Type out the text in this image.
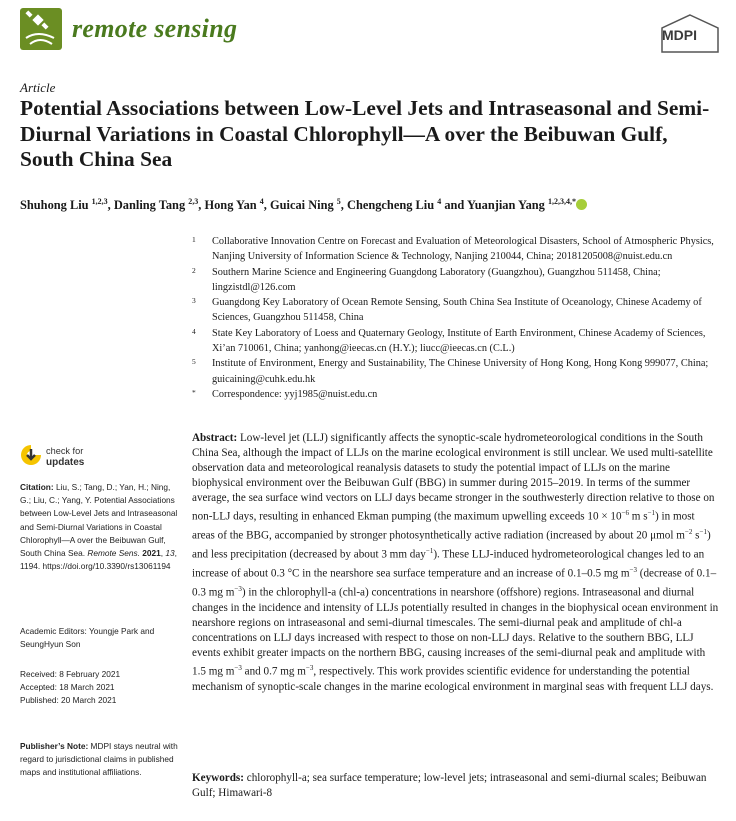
remote sensing	MDPI
Article
Potential Associations between Low-Level Jets and Intraseasonal and Semi-Diurnal Variations in Coastal Chlorophyll—A over the Beibuwan Gulf, South China Sea
Shuhong Liu $^{1,2,3}$, Danling Tang $^{2,3}$, Hong Yan $^4$, Guicai Ning $^5$, Chengcheng Liu $^4$ and Yuanjian Yang $^{1,2,3,4,*}$
1	Collaborative Innovation Centre on Forecast and Evaluation of Meteorological Disasters, School of Atmospheric Physics, Nanjing University of Information Science & Technology, Nanjing 210044, China; 20181205008@nuist.edu.cn
2	Southern Marine Science and Engineering Guangdong Laboratory (Guangzhou), Guangzhou 511458, China; lingzistdl@126.com
3	Guangdong Key Laboratory of Ocean Remote Sensing, South China Sea Institute of Oceanology, Chinese Academy of Sciences, Guangzhou 511458, China
4	State Key Laboratory of Loess and Quaternary Geology, Institute of Earth Environment, Chinese Academy of Sciences, Xi’an 710061, China; yanhong@ieecas.cn (H.Y.); liucc@ieecas.cn (C.L.)
5	Institute of Environment, Energy and Sustainability, The Chinese University of Hong Kong, Hong Kong 999077, China; guicaining@cuhk.edu.hk
*	Correspondence: yyj1985@nuist.edu.cn
check for
updates
Citation: Liu, S.; Tang, D.; Yan, H.; Ning, G.; Liu, C.; Yang, Y. Potential Associations between Low-Level Jets and Intraseasonal and Semi-Diurnal Variations in Coastal Chlorophyll—A over the Beibuwan Gulf, South China Sea. Remote Sens. 2021, 13, 1194. https://doi.org/10.3390/rs13061194
Academic Editors: Youngje Park and SeungHyun Son
Received: 8 February 2021
Accepted: 18 March 2021
Published: 20 March 2021
Publisher’s Note: MDPI stays neutral with regard to jurisdictional claims in published maps and institutional affiliations.

Abstract: Low-level jet (LLJ) significantly affects the synoptic-scale hydrometeorological conditions in the South China Sea, although the impact of LLJs on the marine ecological environment is still unclear. We used multi-satellite observation data and meteorological reanalysis datasets to study the potential impact of LLJs on the marine biophysical environment over the Beibuwan Gulf (BBG) in summer during 2015–2019. In terms of the summer average, the sea surface wind vectors on LLJ days became stronger in the southwesterly direction relative to those on non-LLJ days, resulting in enhanced Ekman pumping (the maximum upwelling exceeds $10 \times 10^{-6}$ m $s^{-1}$) in most areas of the BBG, accompanied by stronger photosynthetically active radiation (increased by about 20 μmol $m^{-2}$ $s^{-1}$) and less precipitation (decreased by about 3 mm day$^{-1}$). These LLJ-induced hydrometeorological changes led to an increase of about 0.3 °C in the nearshore sea surface temperature and an increase of 0.1–0.5 mg $m^{-3}$ (decrease of 0.1–0.3 mg $m^{-3}$) in the chlorophyll-a (chl-a) concentrations in nearshore (offshore) regions. Intraseasonal and diurnal changes in the incidence and intensity of LLJs potentially resulted in changes in the biophysical ocean environment in nearshore regions on intraseasonal and semi-diurnal timescales. The semi-diurnal peak and amplitude of chl-a concentrations on LLJ days increased with respect to those on non-LLJ days. Relative to the southern BBG, LLJ events exhibit greater impacts on the northern BBG, causing increases of the semi-diurnal peak and amplitude with 1.5 mg $m^{-3}$ and 0.7 mg $m^{-3}$, respectively. This work provides scientific evidence for understanding the potential mechanism of synoptic-scale changes in the marine ecological environment in marginal seas with frequent LLJ days.

Keywords: chlorophyll-a; sea surface temperature; low-level jets; intraseasonal and semi-diurnal scales; Beibuwan Gulf; Himawari-8
